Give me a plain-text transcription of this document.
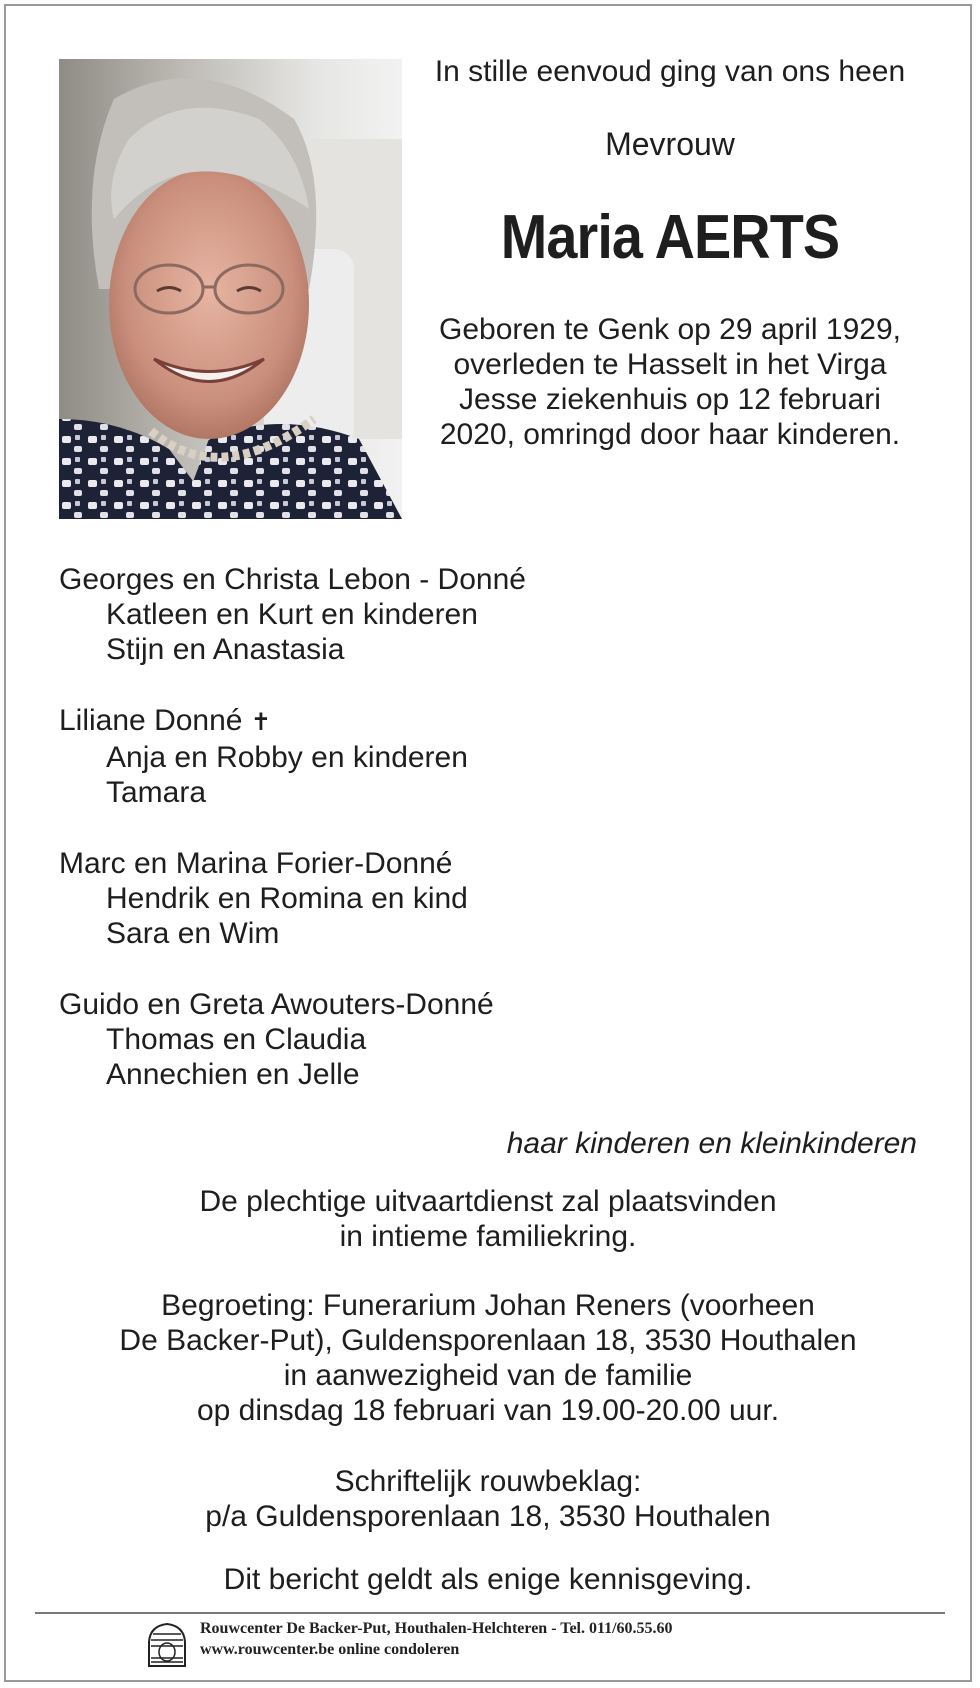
In stille eenvoud ging van ons heen
Mevrouw
Maria AERTS
Geboren te Genk op 29 april 1929,
overleden te Hasselt in het Virga
Jesse ziekenhuis op 12 februari
2020, omringd door haar kinderen.
Georges en Christa Lebon - Donné
Katleen en Kurt en kinderen
Stijn en Anastasia
Liliane Donné ✝
Anja en Robby en kinderen
Tamara
Marc en Marina Forier-Donné
Hendrik en Romina en kind
Sara en Wim
Guido en Greta Awouters-Donné
Thomas en Claudia
Annechien en Jelle
haar kinderen en kleinkinderen
De plechtige uitvaartdienst zal plaatsvinden
in intieme familiekring.
Begroeting: Funerarium Johan Reners (voorheen
De Backer-Put), Guldensporenlaan 18, 3530 Houthalen
in aanwezigheid van de familie
op dinsdag 18 februari van 19.00-20.00 uur.
Schriftelijk rouwbeklag:
p/a Guldensporenlaan 18, 3530 Houthalen
Dit bericht geldt als enige kennisgeving.
Rouwcenter De Backer-Put, Houthalen-Helchteren - Tel. 011/60.55.60
www.rouwcenter.be online condoleren
